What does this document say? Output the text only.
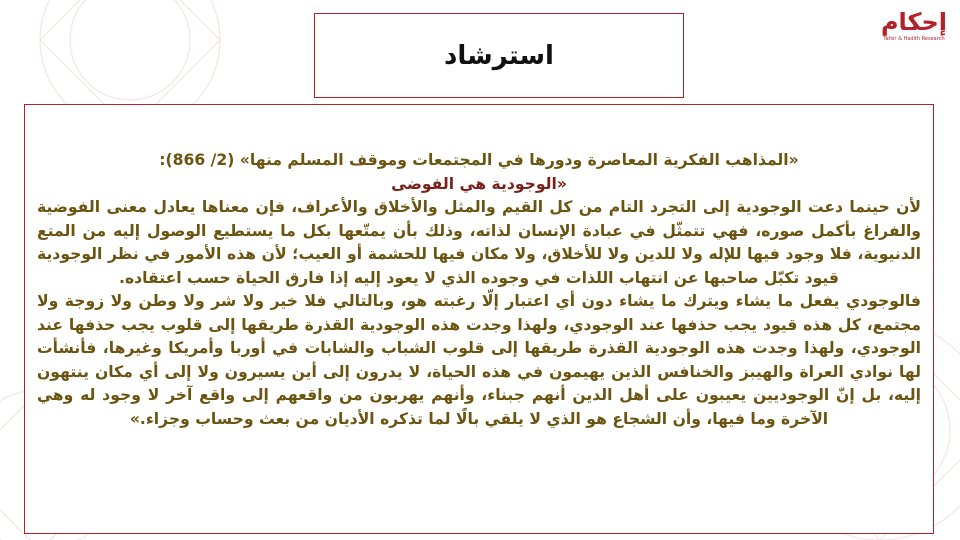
إحكام
Tafsir & Hadith Research
استرشاد

«المذاهب الفكرية المعاصرة ودورها في المجتمعات وموقف المسلم منها» (2/ 866):

«الوجودية هي الفوضى

لأن حينما دعت الوجودية إلى التجرد التام من كل القيم والمثل والأخلاق والأعراف، فإن معناها يعادل معنى الفوضية والفراغ بأكمل صوره، فهي تتمثّل في عبادة الإنسان لذاته، وذلك بأن يمتّعها بكل ما يستطيع الوصول إليه من المتع الدنيوية، فلا وجود فيها للإله ولا للدين ولا للأخلاق، ولا مكان فيها للحشمة أو العيب؛ لأن هذه الأمور في نظر الوجودية قيود تكبّل صاحبها عن انتهاب اللذات في وجوده الذي لا يعود إليه إذا فارق الحياة حسب اعتقاده.

فالوجودي يفعل ما يشاء ويترك ما يشاء دون أي اعتبار إلّا رغبته هو، وبالتالي فلا خير ولا شر ولا وطن ولا زوجة ولا مجتمع، كل هذه قيود يجب حذفها عند الوجودي، ولهذا وجدت هذه الوجودية القذرة طريقها إلى قلوب يجب حذفها عند الوجودي، ولهذا وجدت هذه الوجودية القذرة طريقها إلى قلوب الشباب والشابات في أوربا وأمريكا وغيرها، فأنشأت لها نوادي العراة والهيبز والخنافس الذين يهيمون في هذه الحياة، لا يدرون إلى أين يسيرون ولا إلى أي مكان ينتهون إليه، بل إنّ الوجوديين يعيبون على أهل الدين أنهم جبناء، وأنهم يهربون من واقعهم إلى واقع آخر لا وجود له وهي الآخرة وما فيها، وأن الشجاع هو الذي لا يلقي بالًا لما تذكره الأديان من بعث وحساب وجزاء.»
